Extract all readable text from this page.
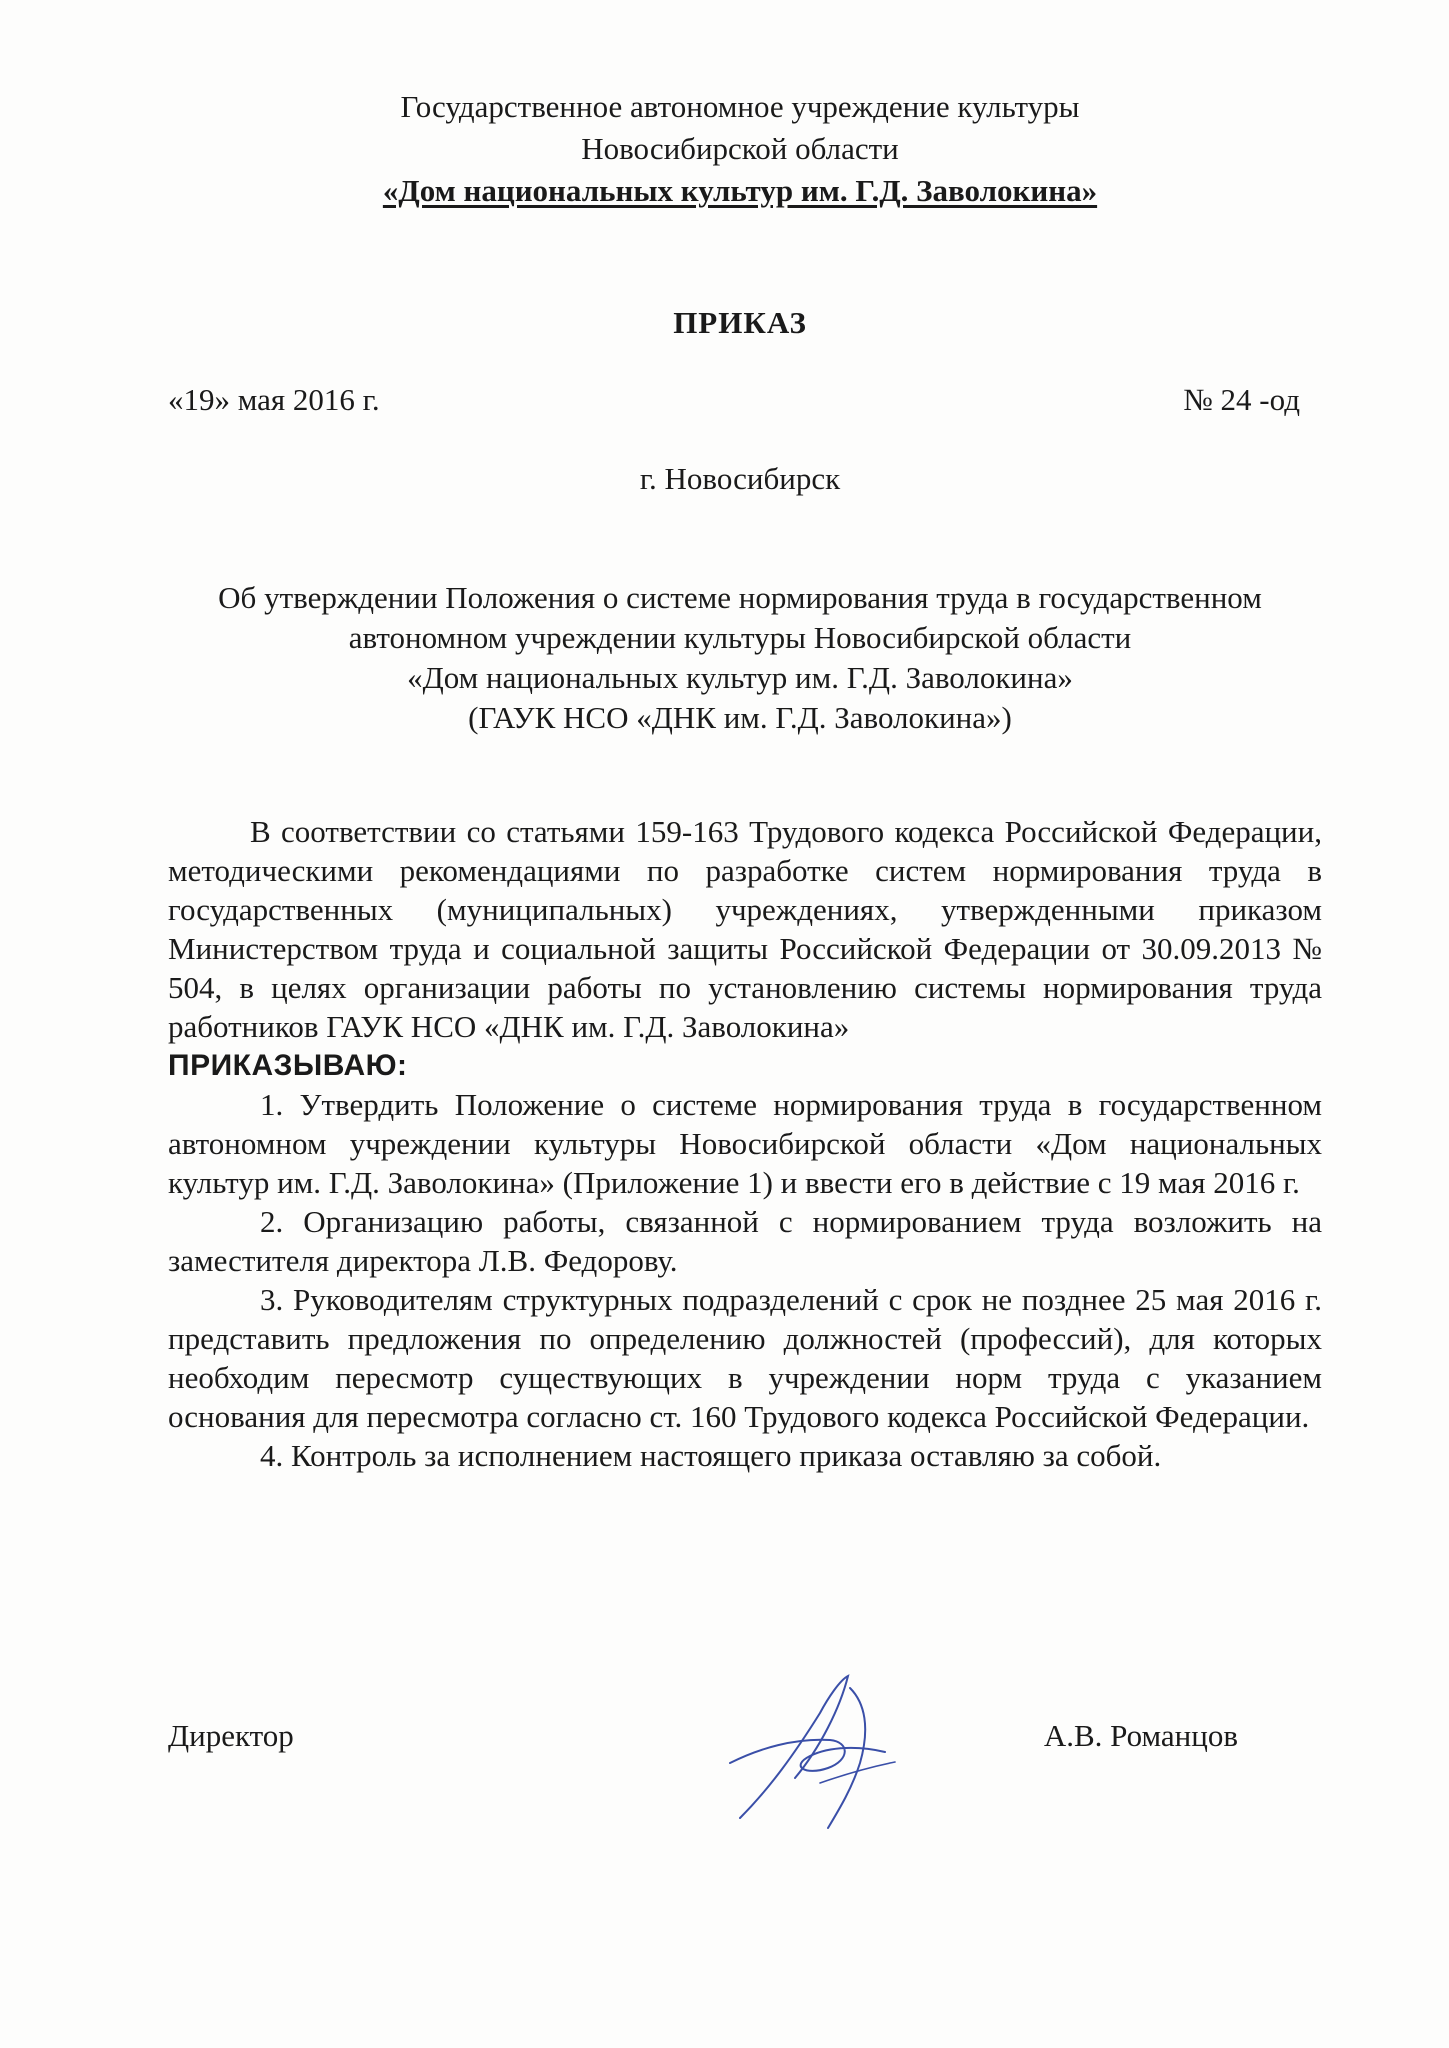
Государственное автономное учреждение культуры
Новосибирской области
«Дом национальных культур им. Г.Д. Заволокина»
ПРИКАЗ
«19» мая 2016 г.	№ 24 -од
г. Новосибирск
Об утверждении Положения о системе нормирования труда в государственном
автономном учреждении культуры Новосибирской области
«Дом национальных культур им. Г.Д. Заволокина»
(ГАУК НСО «ДНК им. Г.Д. Заволокина»)

В соответствии со статьями 159-163 Трудового кодекса Российской Федерации, методическими рекомендациями по разработке систем нормирования труда в государственных (муниципальных) учреждениях, утвержденными приказом Министерством труда и социальной защиты Российской Федерации от 30.09.2013 № 504, в целях организации работы по установлению системы нормирования труда работников ГАУК НСО «ДНК им. Г.Д. Заволокина»

ПРИКАЗЫВАЮ:

1. Утвердить Положение о системе нормирования труда в государственном автономном учреждении культуры Новосибирской области «Дом национальных культур им. Г.Д. Заволокина» (Приложение 1) и ввести его в действие с 19 мая 2016 г.

2. Организацию работы, связанной с нормированием труда возложить на заместителя директора Л.В. Федорову.

3. Руководителям структурных подразделений с срок не позднее 25 мая 2016 г. представить предложения по определению должностей (профессий), для которых необходим пересмотр существующих в учреждении норм труда с указанием основания для пересмотра согласно ст. 160 Трудового кодекса Российской Федерации.

4. Контроль за исполнением настоящего приказа оставляю за собой.

Директор	А.В. Романцов
